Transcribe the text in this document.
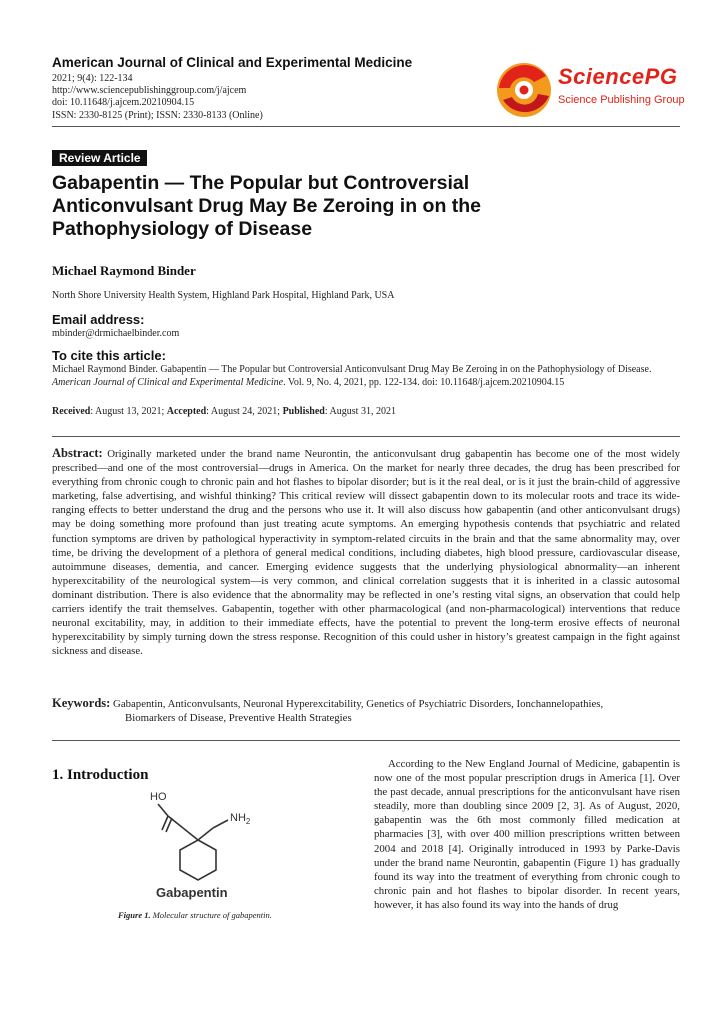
American Journal of Clinical and Experimental Medicine
2021; 9(4): 122-134
http://www.sciencepublishinggroup.com/j/ajcem
doi: 10.11648/j.ajcem.20210904.15
ISSN: 2330-8125 (Print); ISSN: 2330-8133 (Online)
SciencePG
Science Publishing Group
Review Article
Gabapentin — The Popular but Controversial
Anticonvulsant Drug May Be Zeroing in on the
Pathophysiology of Disease
Michael Raymond Binder
North Shore University Health System, Highland Park Hospital, Highland Park, USA
Email address:
mbinder@drmichaelbinder.com
To cite this article:
Michael Raymond Binder. Gabapentin — The Popular but Controversial Anticonvulsant Drug May Be Zeroing in on the Pathophysiology of Disease. American Journal of Clinical and Experimental Medicine. Vol. 9, No. 4, 2021, pp. 122-134. doi: 10.11648/j.ajcem.20210904.15
Received: August 13, 2021; Accepted: August 24, 2021; Published: August 31, 2021
Abstract: Originally marketed under the brand name Neurontin, the anticonvulsant drug gabapentin has become one of the most widely prescribed—and one of the most controversial—drugs in America. On the market for nearly three decades, the drug has been prescribed for everything from chronic cough to chronic pain and hot flashes to bipolar disorder; but is it the real deal, or is it just the brain-child of aggressive marketing, false advertising, and wishful thinking? This critical review will dissect gabapentin down to its molecular roots and trace its wide-ranging effects to better understand the drug and the persons who use it. It will also discuss how gabapentin (and other anticonvulsant drugs) may be doing something more profound than just treating acute symptoms. An emerging hypothesis contends that psychiatric and related function symptoms are driven by pathological hyperactivity in symptom-related circuits in the brain and that the same abnormality may, over time, be driving the development of a plethora of general medical conditions, including diabetes, high blood pressure, cardiovascular disease, autoimmune diseases, dementia, and cancer. Emerging evidence suggests that the underlying physiological abnormality—an inherent hyperexcitability of the neurological system—is very common, and clinical correlation suggests that it is inherited in a classic autosomal dominant distribution. There is also evidence that the abnormality may be reflected in one’s resting vital signs, an observation that could help carriers identify the trait themselves. Gabapentin, together with other pharmacological (and non-pharmacological) interventions that reduce neuronal excitability, may, in addition to their immediate effects, have the potential to prevent the long-term erosive effects of neuronal hyperexcitability by simply turning down the stress response. Recognition of this could usher in history’s greatest campaign in the fight against sickness and disease.
Keywords: Gabapentin, Anticonvulsants, Neuronal Hyperexcitability, Genetics of Psychiatric Disorders, Ionchannelopathies,
Biomarkers of Disease, Preventive Health Strategies
1. Introduction
HO
$NH_2$
Gabapentin
Figure 1. Molecular structure of gabapentin.
According to the New England Journal of Medicine, gabapentin is now one of the most popular prescription drugs in America [1]. Over the past decade, annual prescriptions for the anticonvulsant have risen steadily, more than doubling since 2009 [2, 3]. As of August, 2020, gabapentin was the 6th most commonly filled medication at pharmacies [3], with over 400 million prescriptions written between 2004 and 2018 [4]. Originally introduced in 1993 by Parke-Davis under the brand name Neurontin, gabapentin (Figure 1) has gradually found its way into the treatment of everything from chronic cough to chronic pain and hot flashes to bipolar disorder. In recent years, however, it has also found its way into the hands of drug
